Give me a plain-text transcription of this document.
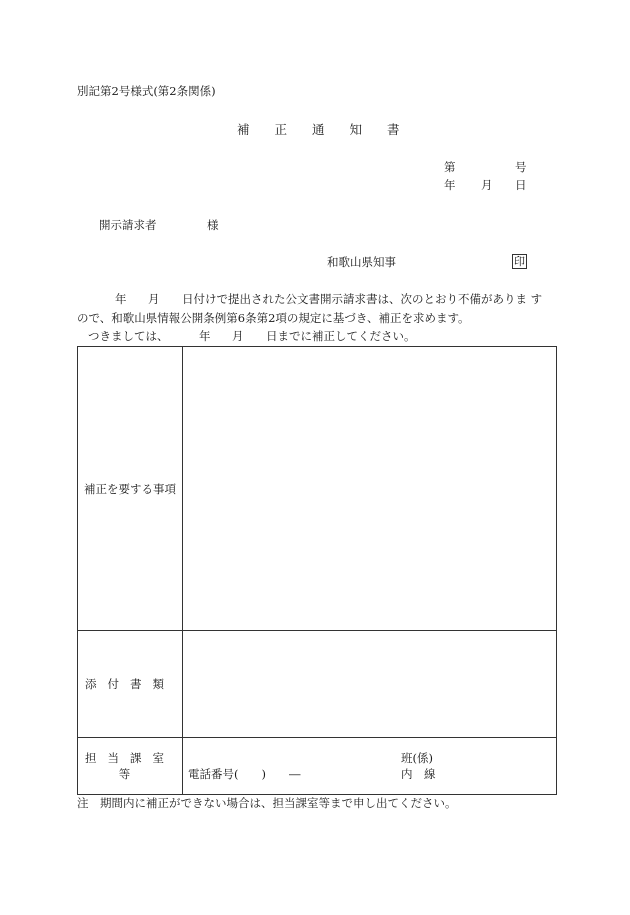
別記第2号様式(第2条関係)
補　　正　　通　　知　　書
第	号
年 月 日
開示請求者	様
和歌山県知事	印
年 月 日付けで提出された公文書開示請求書は、次のとおり不備がありま す
ので、和歌山県情報公開条例第6条第2項の規定に基づき、補正を求めます。
つきましては、	年 月 日までに補正してください。
補正を要する事項	
添付書類	
担当課室等	班(係)
電話番号(　　)　　― 内　線
注　期間内に補正ができない場合は、担当課室等まで申し出てください。
